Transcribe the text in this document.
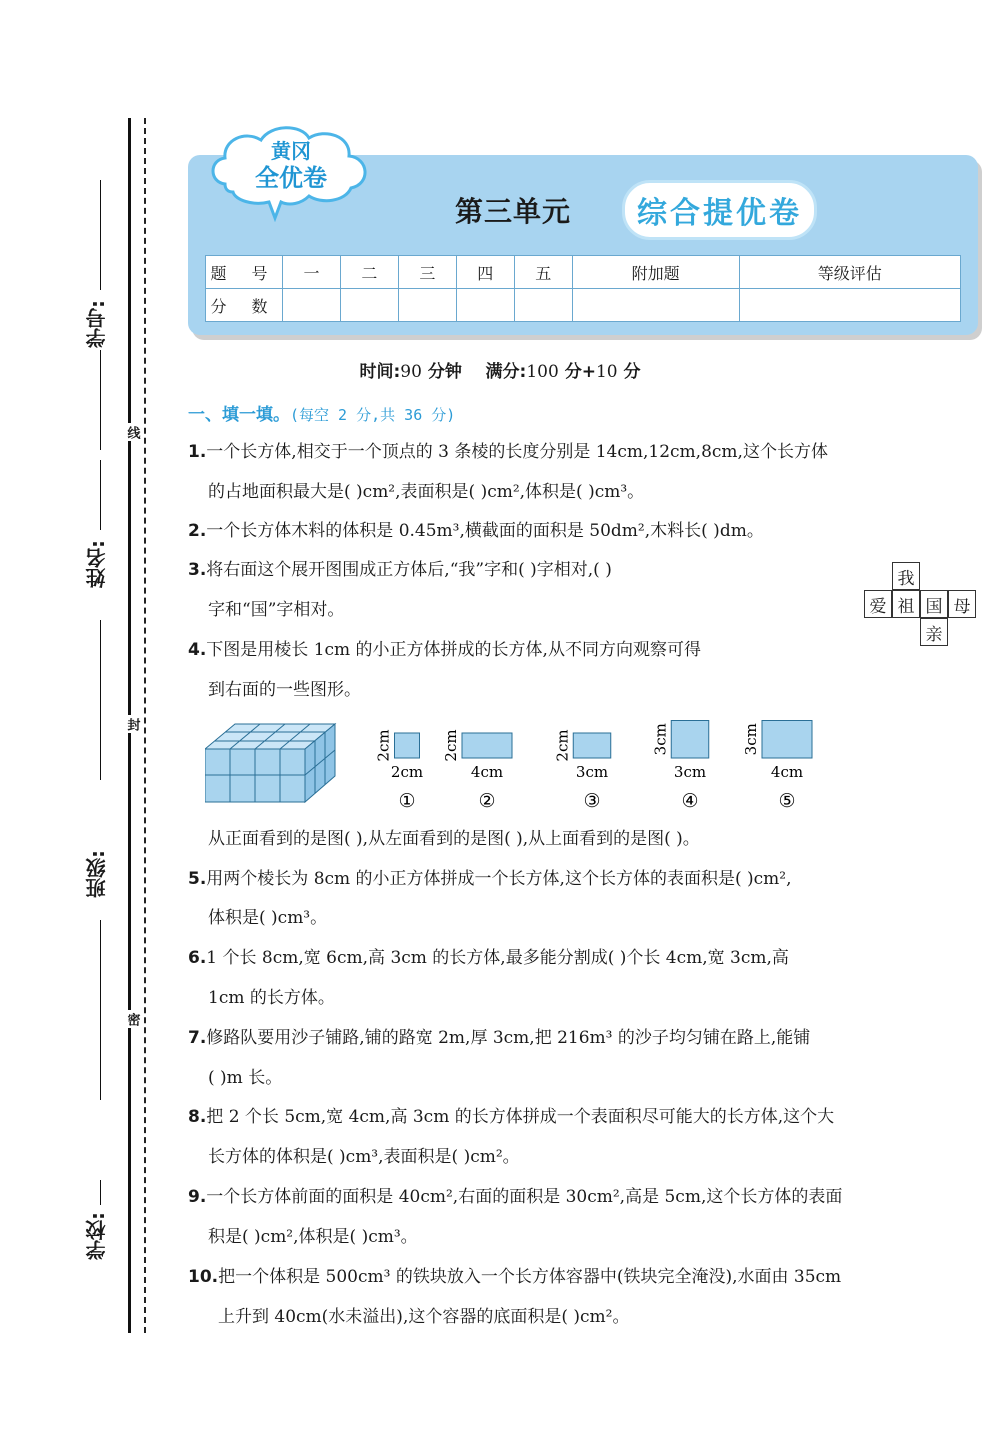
线
封
密
学号:
姓名:
班级:
学校:
黄冈
全优卷
第三单元	综合提优卷
题 号	一	二	三	四	五	附加题	等级评估
分 数							
时间:90 分钟 满分:100 分+10 分
一、填一填。(每空 2 分,共 36 分)
1.一个长方体,相交于一个顶点的 3 条棱的长度分别是 14cm,12cm,8cm,这个长方体
的占地面积最大是( )cm²,表面积是( )cm²,体积是( )cm³。
2.一个长方体木料的体积是 0.45m³,横截面的面积是 50dm²,木料长( )dm。
3.将右面这个展开图围成正方体后,“我”字和( )字相对,( )
字和“国”字相对。
我
爱 祖 国 母
亲
4.下图是用棱长 1cm 的小正方体拼成的长方体,从不同方向观察可得
到右面的一些图形。
2cm
2cm
①
2cm
4cm
②
2cm
3cm
③
3cm
3cm
④
3cm
4cm
⑤
从正面看到的是图( ),从左面看到的是图( ),从上面看到的是图( )。
5.用两个棱长为 8cm 的小正方体拼成一个长方体,这个长方体的表面积是( )cm²,
体积是( )cm³。
6.1 个长 8cm,宽 6cm,高 3cm 的长方体,最多能分割成( )个长 4cm,宽 3cm,高
1cm 的长方体。
7.修路队要用沙子铺路,铺的路宽 2m,厚 3cm,把 216m³ 的沙子均匀铺在路上,能铺
( )m 长。
8.把 2 个长 5cm,宽 4cm,高 3cm 的长方体拼成一个表面积尽可能大的长方体,这个大
长方体的体积是( )cm³,表面积是( )cm²。
9.一个长方体前面的面积是 40cm²,右面的面积是 30cm²,高是 5cm,这个长方体的表面
积是( )cm²,体积是( )cm³。
10.把一个体积是 500cm³ 的铁块放入一个长方体容器中(铁块完全淹没),水面由 35cm
上升到 40cm(水未溢出),这个容器的底面积是( )cm²。
